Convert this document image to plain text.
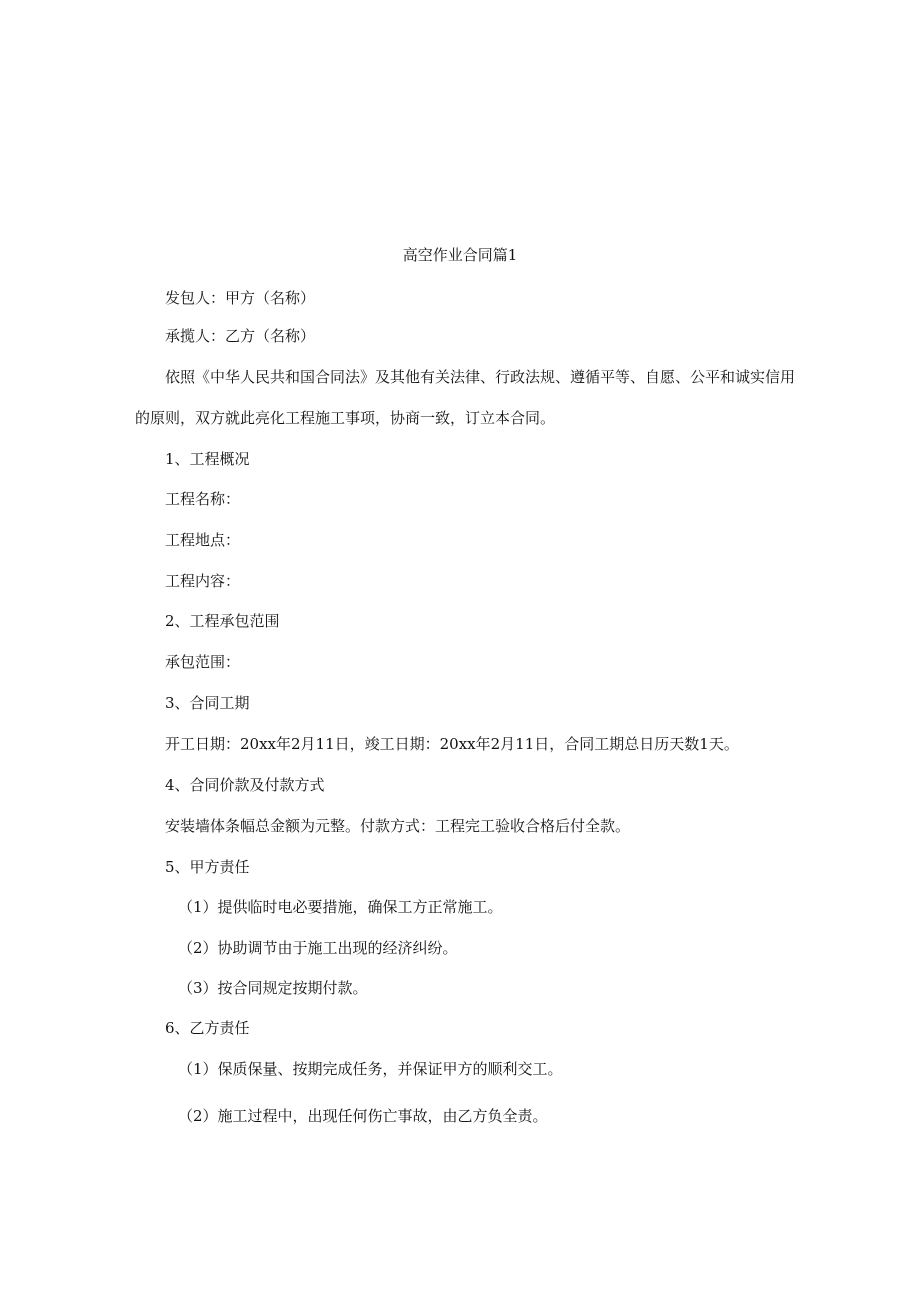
高空作业合同篇1
发包人：甲方（名称）
承揽人：乙方（名称）
依照《中华人民共和国合同法》及其他有关法律、行政法规、遵循平等、自愿、公平和诚实信用
的原则，双方就此亮化工程施工事项，协商一致，订立本合同。
1、工程概况
工程名称：
工程地点：
工程内容：
2、工程承包范围
承包范围：
3、合同工期
开工日期：20xx年2月11日，竣工日期：20xx年2月11日，合同工期总日历天数1天。
4、合同价款及付款方式
安装墙体条幅总金额为元整。付款方式：工程完工验收合格后付全款。
5、甲方责任
（1）提供临时电必要措施，确保工方正常施工。
（2）协助调节由于施工出现的经济纠纷。
（3）按合同规定按期付款。
6、乙方责任
（1）保质保量、按期完成任务，并保证甲方的顺利交工。
（2）施工过程中，出现任何伤亡事故，由乙方负全责。
